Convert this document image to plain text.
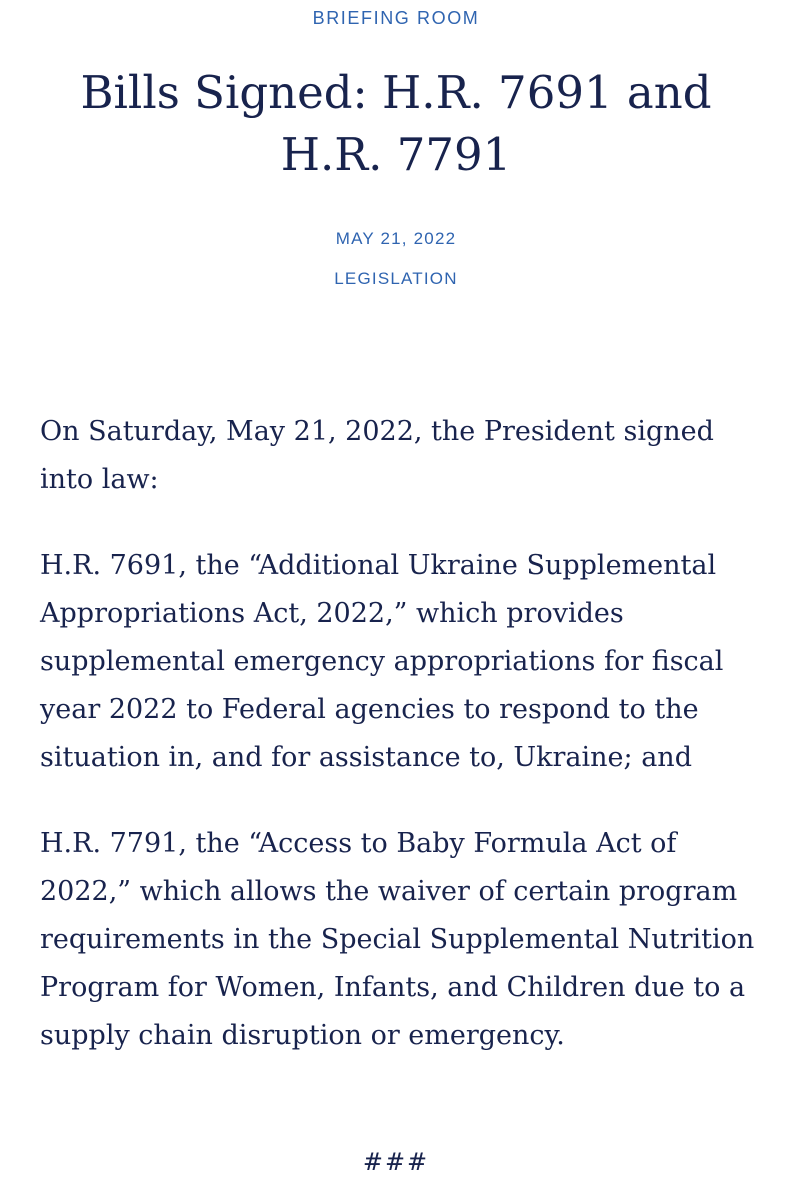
BRIEFING ROOM
Bills Signed: H.R. 7691 and H.R. 7791
MAY 21, 2022
LEGISLATION

On Saturday, May 21, 2022, the President signed into law:

H.R. 7691, the “Additional Ukraine Supplemental Appropriations Act, 2022,” which provides supplemental emergency appropriations for fiscal year 2022 to Federal agencies to respond to the situation in, and for assistance to, Ukraine; and

H.R. 7791, the “Access to Baby Formula Act of 2022,” which allows the waiver of certain program requirements in the Special Supplemental Nutrition Program for Women, Infants, and Children due to a supply chain disruption or emergency.

###
